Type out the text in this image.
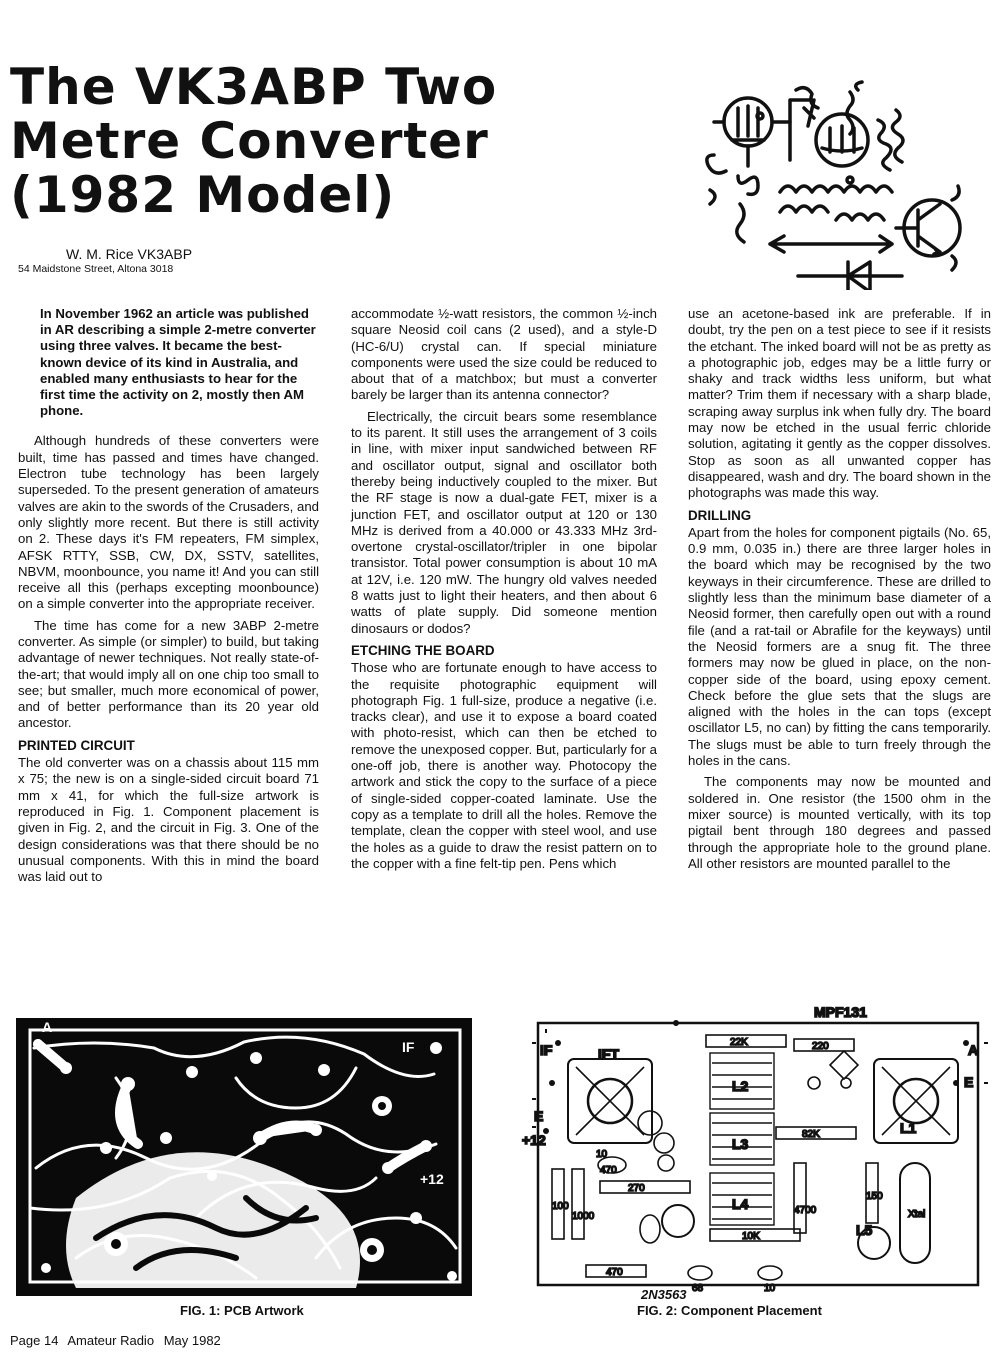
The VK3ABP Two
Metre Converter
(1982 Model)
W. M. Rice VK3ABP
54 Maidstone Street, Altona 3018

In November 1962 an article was published in AR describing a simple 2-metre converter using three valves. It became the best-known device of its kind in Australia, and enabled many enthusiasts to hear for the first time the activity on 2, mostly then AM phone.

Although hundreds of these converters were built, time has passed and times have changed. Electron tube technology has been largely superseded. To the present generation of amateurs valves are akin to the swords of the Crusaders, and only slightly more recent. But there is still activity on 2. These days it's FM repeaters, FM simplex, AFSK RTTY, SSB, CW, DX, SSTV, satellites, NBVM, moonbounce, you name it! And you can still receive all this (perhaps excepting moonbounce) on a simple converter into the appropriate receiver.

The time has come for a new 3ABP 2-metre converter. As simple (or simpler) to build, but taking advantage of newer techniques. Not really state-of-the-art; that would imply all on one chip too small to see; but smaller, much more economical of power, and of better performance than its 20 year old ancestor.

PRINTED CIRCUIT

The old converter was on a chassis about 115 mm x 75; the new is on a single-sided circuit board 71 mm x 41, for which the full-size artwork is reproduced in Fig. 1. Component placement is given in Fig. 2, and the circuit in Fig. 3. One of the design considerations was that there should be no unusual components. With this in mind the board was laid out to

accommodate ½-watt resistors, the common ½-inch square Neosid coil cans (2 used), and a style-D (HC-6/U) crystal can. If special miniature components were used the size could be reduced to about that of a matchbox; but must a converter barely be larger than its antenna connector?

Electrically, the circuit bears some resemblance to its parent. It still uses the arrangement of 3 coils in line, with mixer input sandwiched between RF and oscillator output, signal and oscillator both thereby being inductively coupled to the mixer. But the RF stage is now a dual-gate FET, mixer is a junction FET, and oscillator output at 120 or 130 MHz is derived from a 40.000 or 43.333 MHz 3rd-overtone crystal-oscillator/tripler in one bipolar transistor. Total power consumption is about 10 mA at 12V, i.e. 120 mW. The hungry old valves needed 8 watts just to light their heaters, and then about 6 watts of plate supply. Did someone mention dinosaurs or dodos?

ETCHING THE BOARD

Those who are fortunate enough to have access to the requisite photographic equipment will photograph Fig. 1 full-size, produce a negative (i.e. tracks clear), and use it to expose a board coated with photo-resist, which can then be etched to remove the unexposed copper. But, particularly for a one-off job, there is another way. Photocopy the artwork and stick the copy to the surface of a piece of single-sided copper-coated laminate. Use the copy as a template to drill all the holes. Remove the template, clean the copper with steel wool, and use the holes as a guide to draw the resist pattern on to the copper with a fine felt-tip pen. Pens which

use an acetone-based ink are preferable. If in doubt, try the pen on a test piece to see if it resists the etchant. The inked board will not be as pretty as a photographic job, edges may be a little furry or shaky and track widths less uniform, but what matter? Trim them if necessary with a sharp blade, scraping away surplus ink when fully dry. The board may now be etched in the usual ferric chloride solution, agitating it gently as the copper dissolves. Stop as soon as all unwanted copper has disappeared, wash and dry. The board shown in the photographs was made this way.

DRILLING

Apart from the holes for component pigtails (No. 65, 0.9 mm, 0.035 in.) there are three larger holes in the board which may be recognised by the two keyways in their circumference. These are drilled to slightly less than the minimum base diameter of a Neosid former, then carefully open out with a round file (and a rat-tail or Abrafile for the keyways) until the Neosid formers are a snug fit. The three formers may now be glued in place, on the non-copper side of the board, using epoxy cement. Check before the glue sets that the slugs are aligned with the holes in the can tops (except oscillator L5, no can) by fitting the cans temporarily. The slugs must be able to turn freely through the holes in the cans.

The components may now be mounted and soldered in. One resistor (the 1500 ohm in the mixer source) is mounted vertically, with its top pigtail bent through 180 degrees and passed through the appropriate hole to the ground plane. All other resistors are mounted parallel to the

A
IF
+12
FIG. 1: PCB Artwork
MPF131
IF	IFT	A
E
E
+12
22K	220
82K
10K
470
470
270
100
1000
4700
150
Xtal
L1
L2
L3
L4
L5
68	10
10
2N3563
FIG. 2: Component Placement
Page 14 Amateur Radio May 1982
